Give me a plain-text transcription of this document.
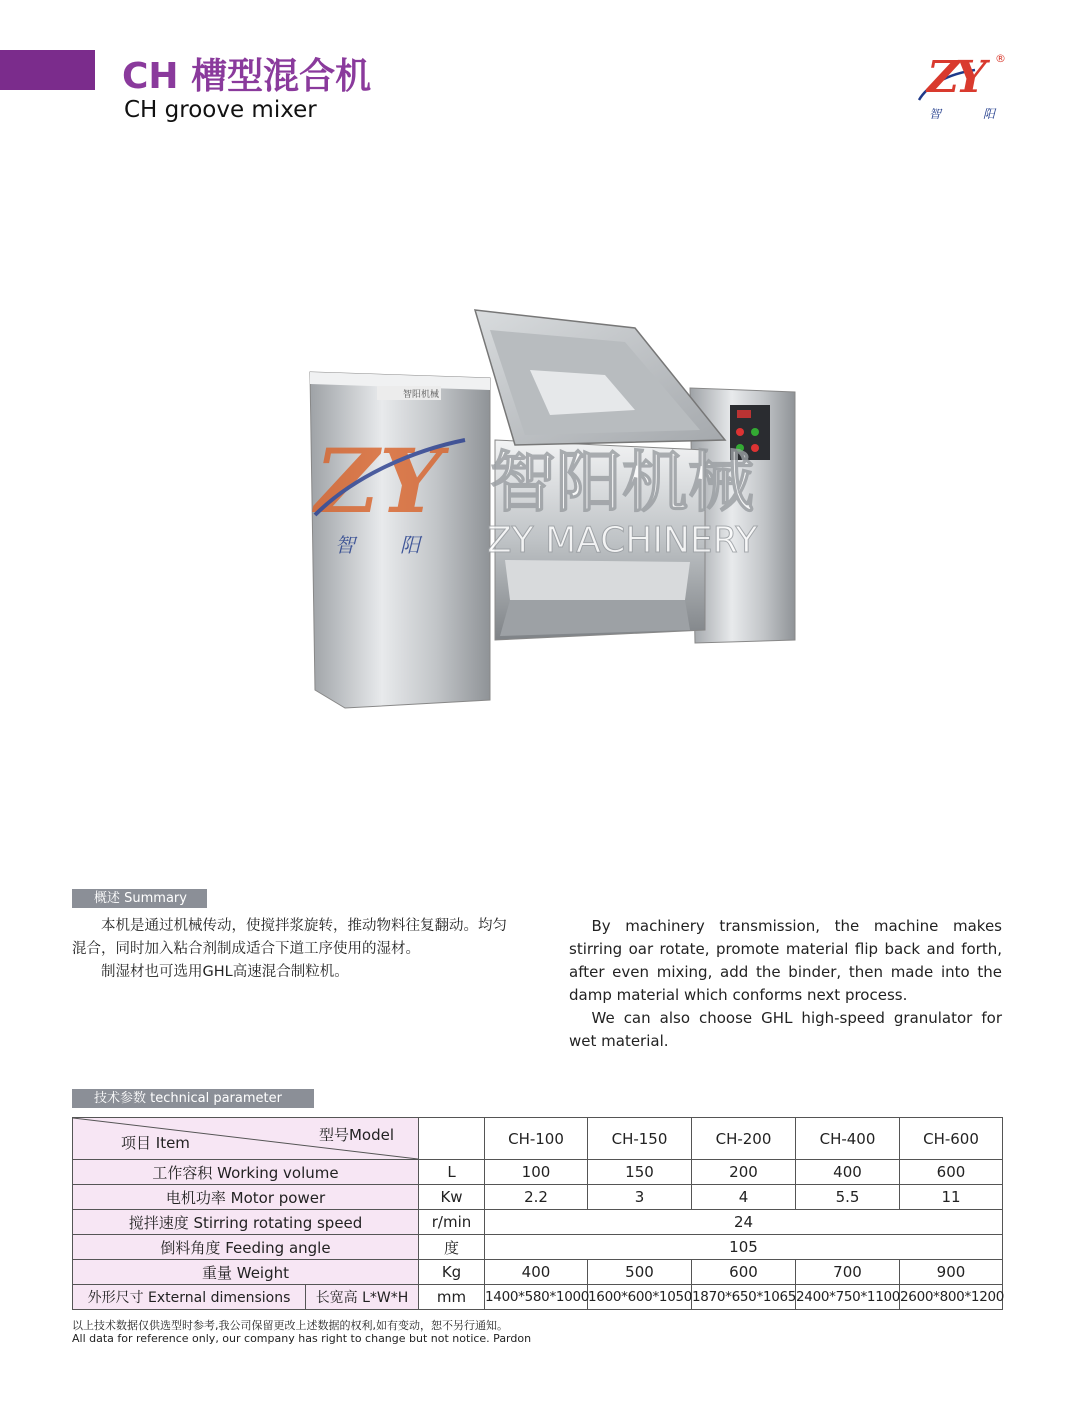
CH 槽型混合机
CH groove mixer
ZY ®
智	阳
智阳机械
ZY
智 阳
智阳机械
ZY MACHINERY
概述 Summary

本机是通过机械传动，使搅拌浆旋转，推动物料往复翻动。均匀混合，同时加入粘合剂制成适合下道工序使用的湿材。

制湿材也可选用GHL高速混合制粒机。

By machinery transmission, the machine makes stirring oar rotate, promote material flip back and forth, after even mixing, add the binder, then made into the damp material which conforms next process.

We can also choose GHL high-speed granulator for wet material.

技术参数 technical parameter
型号Model
项目 Item			CH-100	CH-150	CH-200	CH-400	CH-600
工作容积 Working volume		L	100	150	200	400	600
电机功率 Motor power		Kw	2.2	3	4	5.5	11
搅拌速度 Stirring rotating speed		r/min	24				
倒料角度 Feeding angle		度	105				
重量 Weight		Kg	400	500	600	700	900
外形尺寸 External dimensions	长宽高 L*W*H	mm	1400*580*1000	1600*600*1050	1870*650*1065	2400*750*1100	2600*800*1200
以上技术数据仅供选型时参考,我公司保留更改上述数据的权利,如有变动，恕不另行通知。
All data for reference only, our company has right to change but not notice. Pardon
